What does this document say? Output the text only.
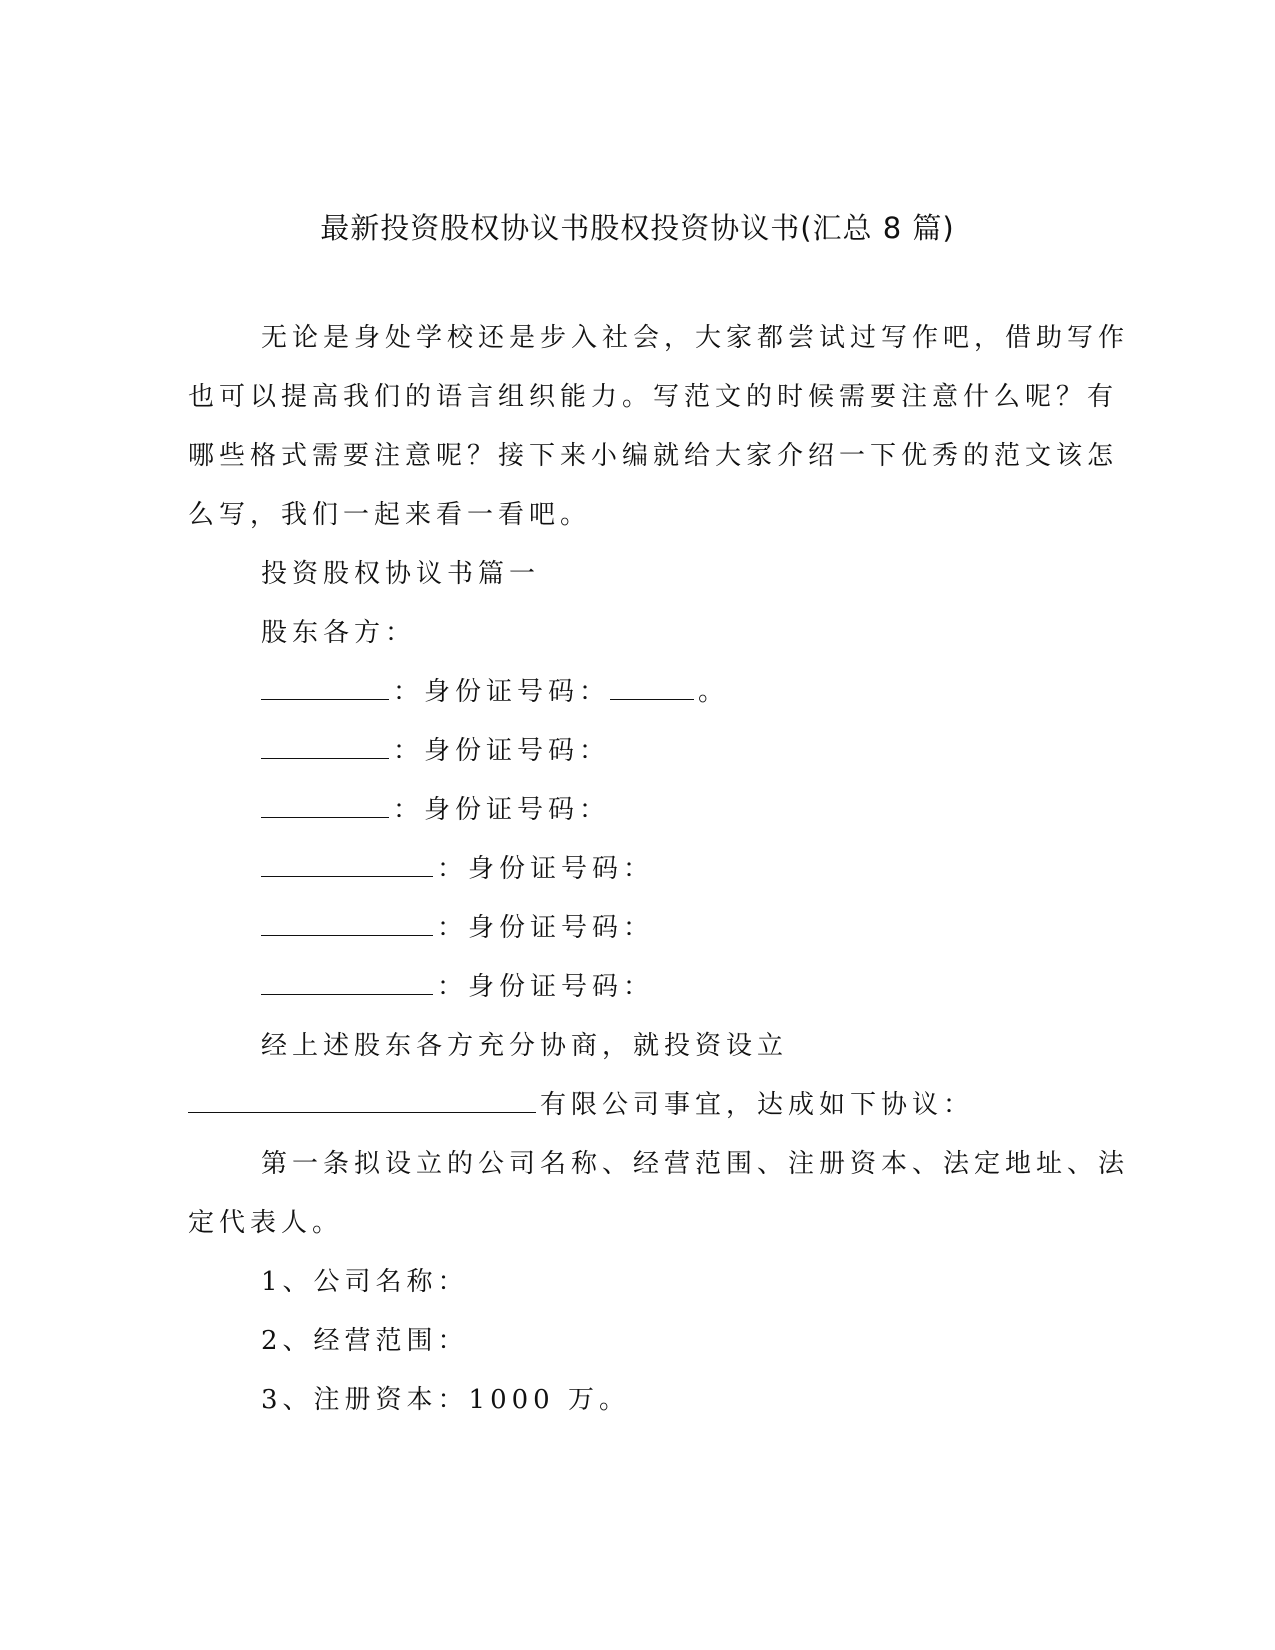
最新投资股权协议书股权投资协议书(汇总 8 篇)
无论是身处学校还是步入社会，大家都尝试过写作吧，借助写作
也可以提高我们的语言组织能力。写范文的时候需要注意什么呢？有
哪些格式需要注意呢？接下来小编就给大家介绍一下优秀的范文该怎
么写，我们一起来看一看吧。
投资股权协议书篇一
股东各方：
：身份证号码：	。
：身份证号码：
：身份证号码：
：身份证号码：
：身份证号码：
：身份证号码：
经上述股东各方充分协商，就投资设立
有限公司事宜，达成如下协议：
第一条拟设立的公司名称、经营范围、注册资本、法定地址、法
定代表人。
1、公司名称：
2、经营范围：
3、注册资本：1000 万。
